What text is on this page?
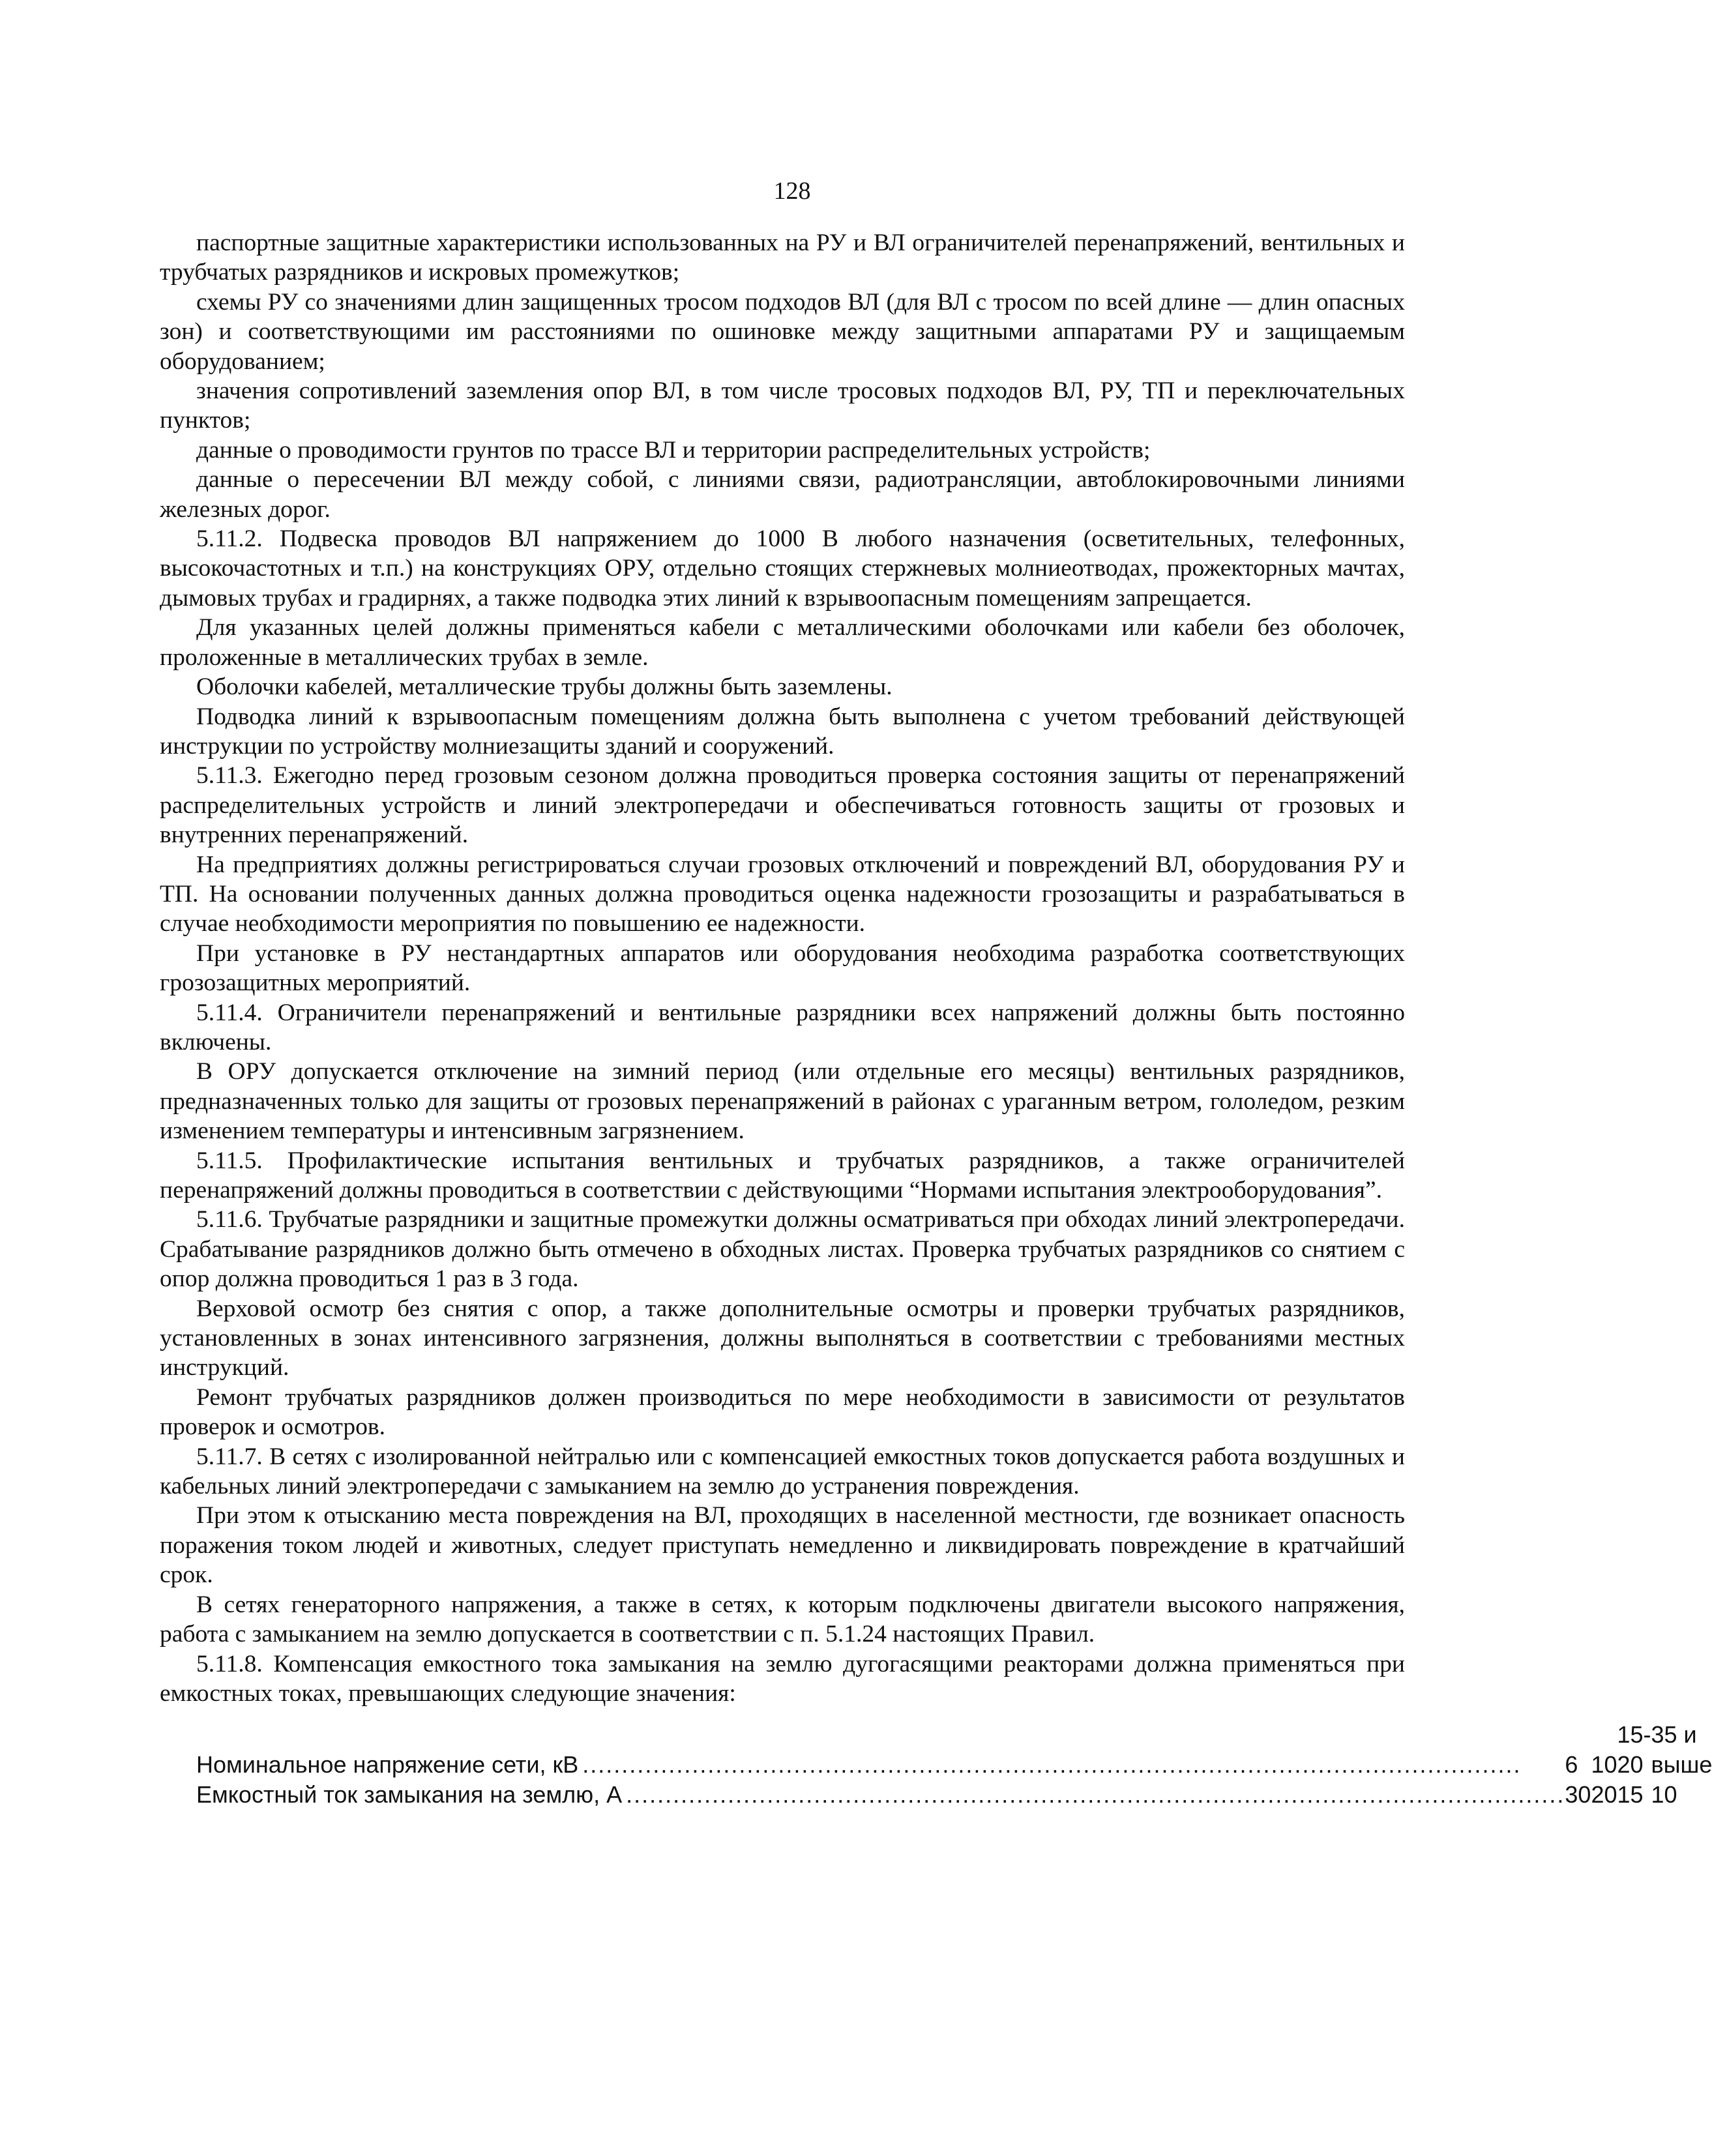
128

паспортные защитные характеристики использованных на РУ и ВЛ ограничителей перенапряжений, вентильных и трубчатых разрядников и искровых промежутков;

схемы РУ со значениями длин защищенных тросом подходов ВЛ (для ВЛ с тросом по всей длине — длин опасных зон) и соответствующими им расстояниями по ошиновке между защитными аппаратами РУ и защищаемым оборудованием;

значения сопротивлений заземления опор ВЛ, в том числе тросовых подходов ВЛ, РУ, ТП и переключательных пунктов;

данные о проводимости грунтов по трассе ВЛ и территории распределительных устройств;

данные о пересечении ВЛ между собой, с линиями связи, радиотрансляции, автоблокировочными линиями железных дорог.

5.11.2. Подвеска проводов ВЛ напряжением до 1000 В любого назначения (осветительных, телефонных, высокочастотных и т.п.) на конструкциях ОРУ, отдельно стоящих стержневых молниеотводах, прожекторных мачтах, дымовых трубах и градирнях, а также подводка этих линий к взрывоопасным помещениям запрещается.

Для указанных целей должны применяться кабели с металлическими оболочками или кабели без оболочек, проложенные в металлических трубах в земле.

Оболочки кабелей, металлические трубы должны быть заземлены.

Подводка линий к взрывоопасным помещениям должна быть выполнена с учетом требований действующей инструкции по устройству молниезащиты зданий и сооружений.

5.11.3. Ежегодно перед грозовым сезоном должна проводиться проверка состояния защиты от перенапряжений распределительных устройств и линий электропередачи и обеспечиваться готовность защиты от грозовых и внутренних перенапряжений.

На предприятиях должны регистрироваться случаи грозовых отключений и повреждений ВЛ, оборудования РУ и ТП. На основании полученных данных должна проводиться оценка надежности грозозащиты и разрабатываться в случае необходимости мероприятия по повышению ее надежности.

При установке в РУ нестандартных аппаратов или оборудования необходима разработка соответствующих грозозащитных мероприятий.

5.11.4. Ограничители перенапряжений и вентильные разрядники всех напряжений должны быть постоянно включены.

В ОРУ допускается отключение на зимний период (или отдельные его месяцы) вентильных разрядников, предназначенных только для защиты от грозовых перенапряжений в районах с ураганным ветром, гололедом, резким изменением температуры и интенсивным загрязнением.

5.11.5. Профилактические испытания вентильных и трубчатых разрядников, а также ограничителей перенапряжений должны проводиться в соответствии с действующими “Нормами испытания электрооборудования”.

5.11.6. Трубчатые разрядники и защитные промежутки должны осматриваться при обходах линий электропередачи. Срабатывание разрядников должно быть отмечено в обходных листах. Проверка трубчатых разрядников со снятием с опор должна проводиться 1 раз в 3 года.

Верховой осмотр без снятия с опор, а также дополнительные осмотры и проверки трубчатых разрядников, установленных в зонах интенсивного загрязнения, должны выполняться в соответствии с требованиями местных инструкций.

Ремонт трубчатых разрядников должен производиться по мере необходимости в зависимости от результатов проверок и осмотров.

5.11.7. В сетях с изолированной нейтралью или с компенсацией емкостных токов допускается работа воздушных и кабельных линий электропередачи с замыканием на землю до устранения повреждения.

При этом к отысканию места повреждения на ВЛ, проходящих в населенной местности, где возникает опасность поражения током людей и животных, следует приступать немедленно и ликвидировать повреждение в кратчайший срок.

В сетях генераторного напряжения, а также в сетях, к которым подключены двигатели высокого напряжения, работа с замыканием на землю допускается в соответствии с п. 5.1.24 настоящих Правил.

5.11.8. Компенсация емкостного тока замыкания на землю дугогасящими реакторами должна применяться при емкостных токах, превышающих следующие значения:

Номинальное напряжение сети, кВ ........................................................................................................................	6	10	15-20	35 и выше
Емкостный ток замыкания на землю, А ........................................................................................................................	30	20	15	10
